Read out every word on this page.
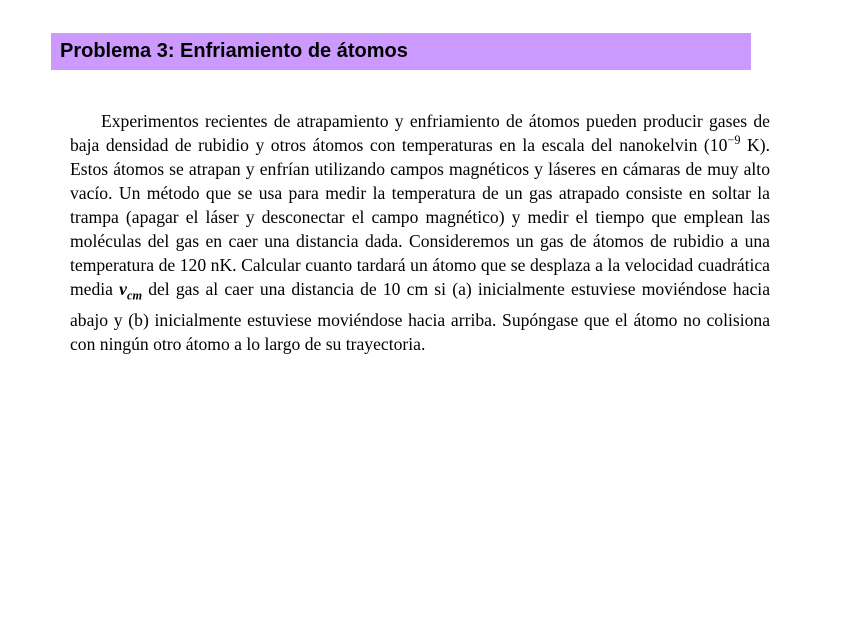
Problema 3: Enfriamiento de átomos

Experimentos recientes de atrapamiento y enfriamiento de átomos pueden producir gases de baja densidad de rubidio y otros átomos con temperaturas en la escala del nanokelvin ($10^{-9}$ K). Estos átomos se atrapan y enfrían utilizando campos magnéticos y láseres en cámaras de muy alto vacío. Un método que se usa para medir la temperatura de un gas atrapado consiste en soltar la trampa (apagar el láser y desconectar el campo magnético) y medir el tiempo que emplean las moléculas del gas en caer una distancia dada. Consideremos un gas de átomos de rubidio a una temperatura de 120 nK. Calcular cuanto tardará un átomo que se desplaza a la velocidad cuadrática media $v_{cm}$ del gas al caer una distancia de 10 cm si (a) inicialmente estuviese moviéndose hacia abajo y (b) inicialmente estuviese moviéndose hacia arriba. Supóngase que el átomo no colisiona con ningún otro átomo a lo largo de su trayectoria.
